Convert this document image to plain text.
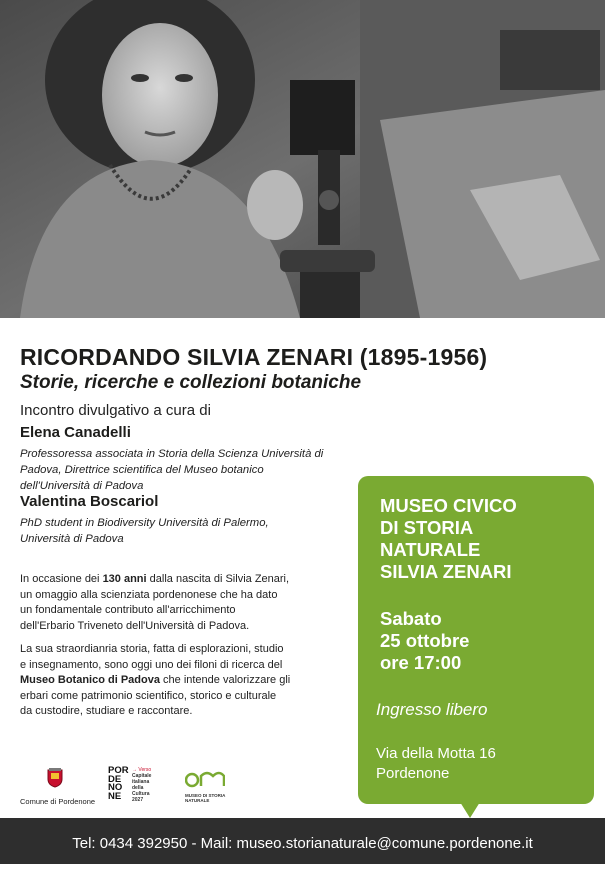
RICORDANDO SILVIA ZENARI (1895-1956)
Storie, ricerche e collezioni botaniche
Incontro divulgativo a cura di
Elena Canadelli
Professoressa associata in Storia della Scienza Università di
Padova, Direttrice scientifica del Museo botanico
dell'Università di Padova
Valentina Boscariol
PhD student in Biodiversity Università di Palermo,
Università di Padova
In occasione dei 130 anni dalla nascita di Silvia Zenari,
un omaggio alla scienziata pordenonese che ha dato
un fondamentale contributo all'arricchimento
dell'Erbario Triveneto dell'Università di Padova.
La sua straordianria storia, fatta di esplorazioni, studio
e insegnamento, sono oggi uno dei filoni di ricerca del
Museo Botanico di Padova che intende valorizzare gli
erbari come patrimonio scientifico, storico e culturale
da custodire, studiare e raccontare.
MUSEO CIVICO
DI STORIA
NATURALE
SILVIA ZENARI
Sabato
25 ottobre
ore 17:00
Ingresso libero
Via della Motta 16
Pordenone
Comune di Pordenone
POR
DE
NO
NE
→ Verso
Capitale
italiana
della
Cultura
2027
MUSEO DI STORIA
NATURALE
Tel: 0434 392950 - Mail: museo.storianaturale@comune.pordenone.it
